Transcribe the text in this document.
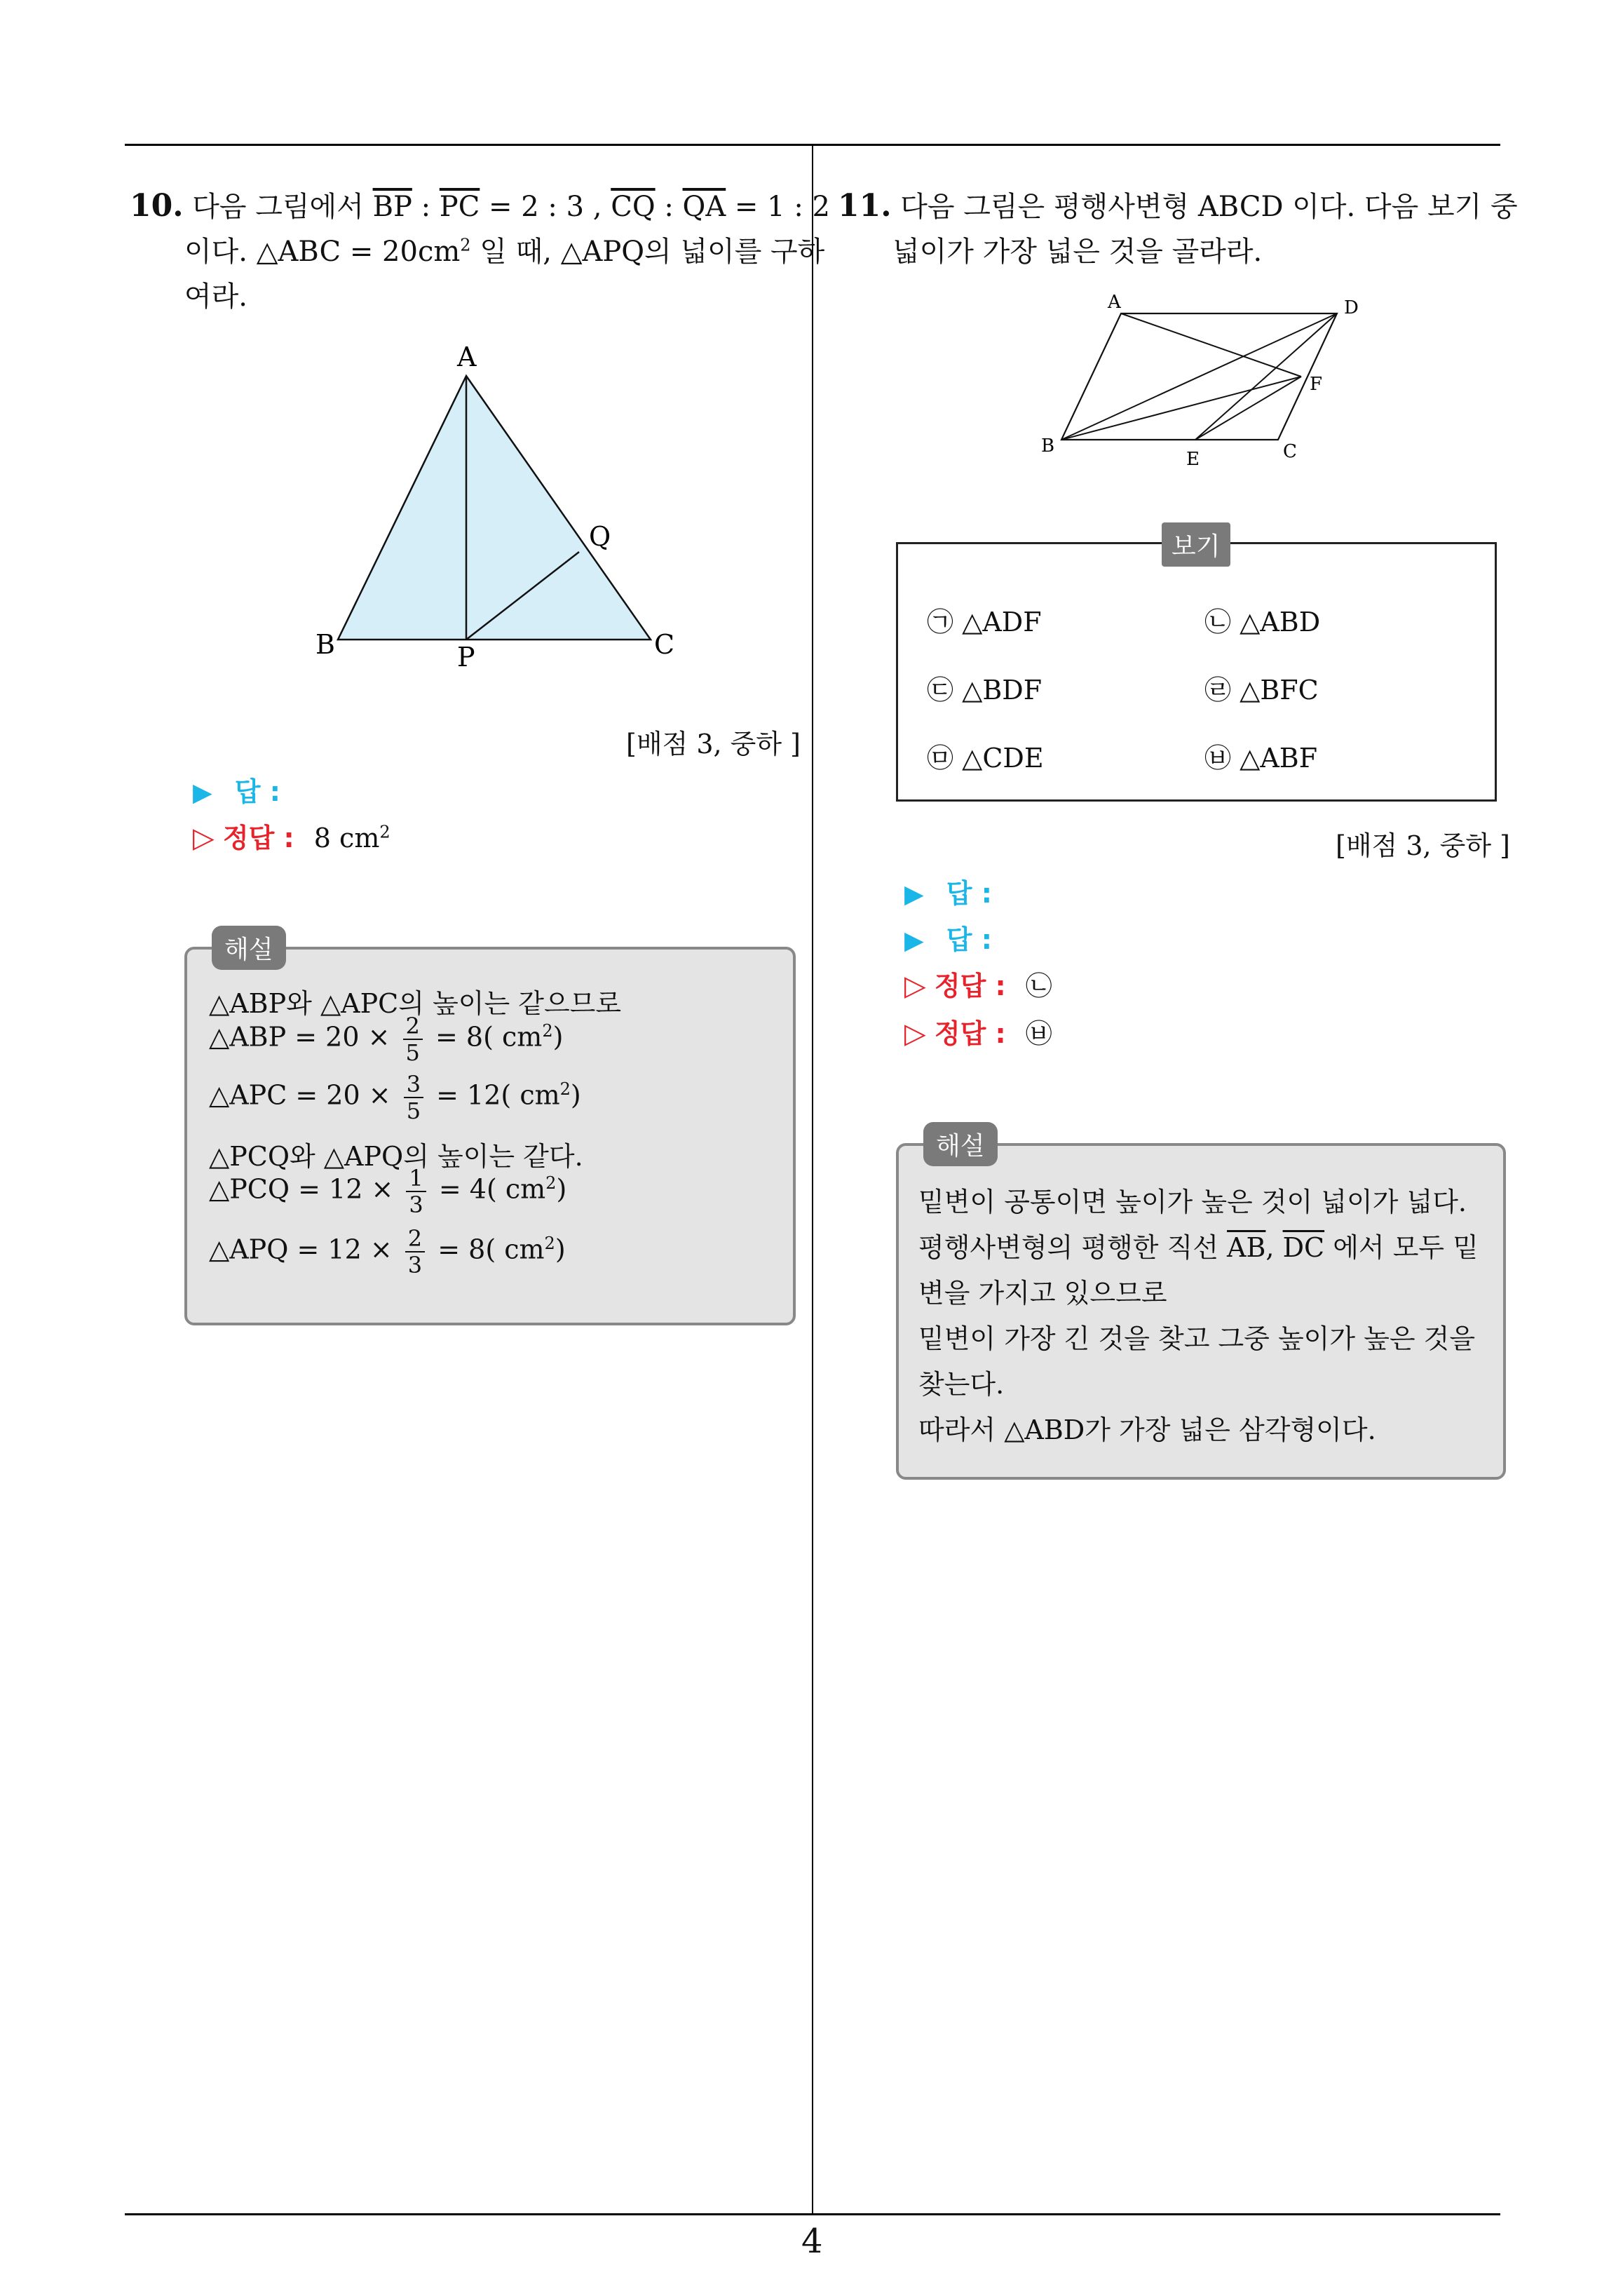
10. 다음 그림에서 $\overline{BP}$ : $\overline{PC} = 2$ : 3 , $\overline{CQ}$ : $\overline{QA} = 1$ : 2
이다. △ABC = $20cm^2$ 일 때, △APQ의 넓이를 구하
여라.
A
B	C
P
Q
[배점 3, 중하 ]
▶ 답 :
▷ 정답 : 8 $cm^2$
해설
△ABP와 △APC의 높이는 같으므로
△ABP = $20 \times \frac{2}{5} = 8$( $cm^2$)
△APC = $20 \times \frac{3}{5} = 12$( $cm^2$)
△PCQ와 △APQ의 높이는 같다.
△PCQ = $12 \times \frac{1}{3} = 4$( $cm^2$)
△APQ = $12 \times \frac{2}{3} = 8$( $cm^2$)
11. 다음 그림은 평행사변형 ABCD 이다. 다음 보기 중
넓이가 가장 넓은 것을 골라라.
A	D
F
B	C
E
보기
㉠ △ADF	㉡ △ABD
㉢ △BDF	㉣ △BFC
㉤ △CDE	㉥ △ABF
[배점 3, 중하 ]
▶ 답 :
▶ 답 :
▷ 정답 : ㉡
▷ 정답 : ㉥
해설
밑변이 공통이면 높이가 높은 것이 넓이가 넓다.
평행사변형의 평행한 직선 $\overline{AB}$, $\overline{DC}$ 에서 모두 밑
변을 가지고 있으므로
밑변이 가장 긴 것을 찾고 그중 높이가 높은 것을
찾는다.
따라서 △ABD가 가장 넓은 삼각형이다.
4
